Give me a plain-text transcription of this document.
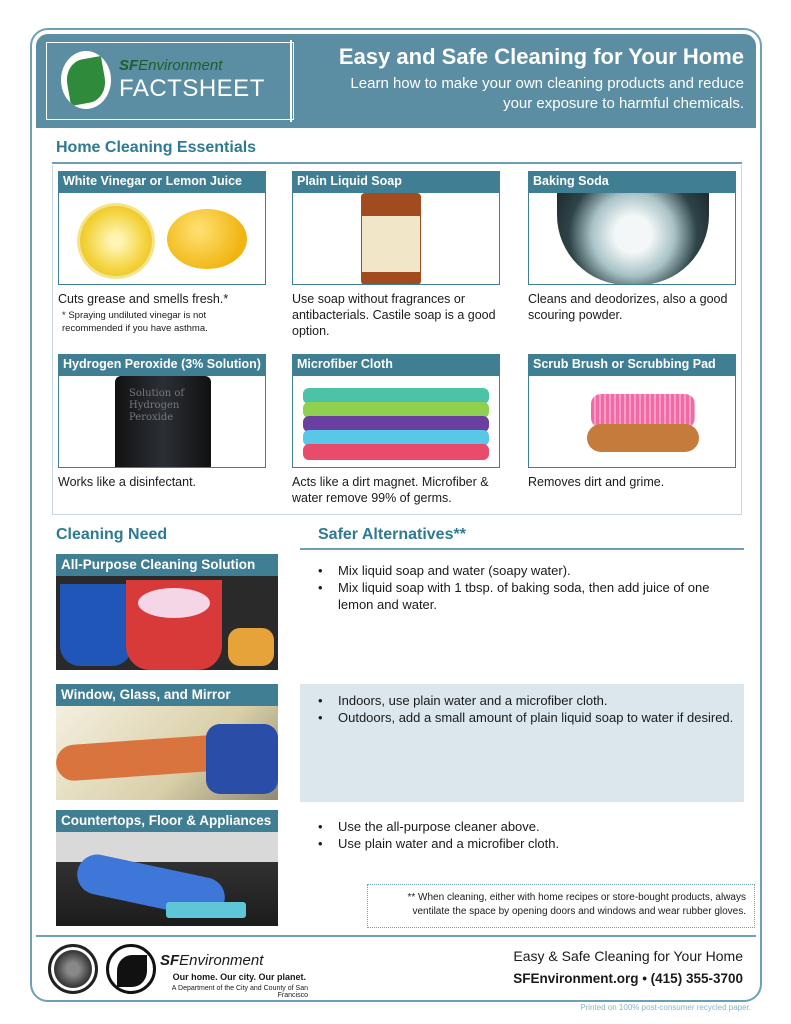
SFEnvironment
FACTSHEET
Easy and Safe Cleaning for Your Home
Learn how to make your own cleaning products and reduce your exposure to harmful chemicals.
Home Cleaning Essentials
White Vinegar or Lemon Juice
Cuts grease and smells fresh.*
* Spraying undiluted vinegar is not recommended if you have asthma.
Plain Liquid Soap
Use soap without fragrances or antibacterials. Castile soap is a good option.
Baking Soda
Cleans and deodorizes, also a good scouring powder.
Hydrogen Peroxide (3% Solution)
Solution of Hydrogen Peroxide
Works like a disinfectant.
Microfiber Cloth
Acts like a dirt magnet. Microfiber & water remove 99% of germs.
Scrub Brush or Scrubbing Pad
Removes dirt and grime.
Cleaning Need	Safer Alternatives**
All-Purpose Cleaning Solution	• Mix liquid soap and water (soapy water).
• Mix liquid soap with 1 tbsp. of baking soda, then add juice of one lemon and water.
Window, Glass, and Mirror	• Indoors, use plain water and a microfiber cloth.
• Outdoors, add a small amount of plain liquid soap to water if desired.
Countertops, Floor & Appliances	• Use the all-purpose cleaner above.
• Use plain water and a microfiber cloth.
** When cleaning, either with home recipes or store-bought products, always ventilate the space by opening doors and windows and wear rubber gloves.
SFEnvironment
Our home. Our city. Our planet.
A Department of the City and County of San Francisco
Easy & Safe Cleaning for Your Home
SFEnvironment.org • (415) 355-3700
Printed on 100% post-consumer recycled paper.
